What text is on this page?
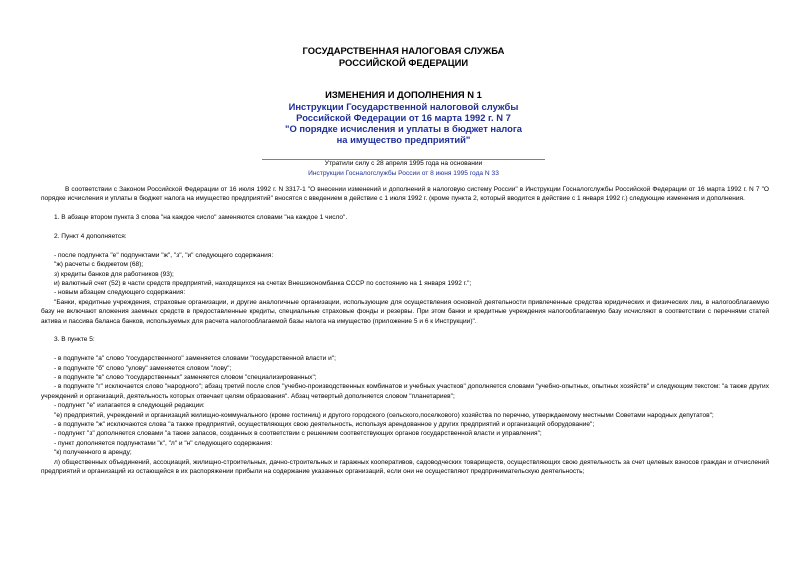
ГОСУДАРСТВЕННАЯ НАЛОГОВАЯ СЛУЖБА
РОССИЙСКОЙ ФЕДЕРАЦИИ
ИЗМЕНЕНИЯ И ДОПОЛНЕНИЯ N 1
Инструкции Государственной налоговой службы
Российской Федерации от 16 марта 1992 г. N 7
"О порядке исчисления и уплаты в бюджет налога
на имущество предприятий"
Утратили силу с 28 апреля 1995 года на основании
Инструкции Госналогслужбы России от 8 июня 1995 года N 33

В соответствии с Законом Российской Федерации от 16 июля 1992 г. N 3317-1 "О внесении изменений и дополнений в налоговую систему России" в Инструкции Госналогслужбы Российской Федерации от 16 марта 1992 г. N 7 "О порядке исчисления и уплаты в бюджет налога на имущество предприятий" вносятся с введением в действие с 1 июля 1992 г. (кроме пункта 2, который вводится в действие с 1 января 1992 г.) следующие изменения и дополнения.

1. В абзаце втором пункта 3 слова "на каждое число" заменяются словами "на каждое 1 число".

2. Пункт 4 дополняется:

- после подпункта "е" подпунктами "ж", "з", "и" следующего содержания:

"ж) расчеты с бюджетом (68);

з) кредиты банков для работников (93);

и) валютный счет (52) в части средств предприятий, находящихся на счетах Внешэкономбанка СССР по состоянию на 1 января 1992 г.";

- новым абзацем следующего содержания:

"Банки, кредитные учреждения, страховые организации, и другие аналогичные организации, использующие для осуществления основной деятельности привлеченные средства юридических и физических лиц, в налогооблагаемую базу не включают вложения заемных средств в предоставленные кредиты, специальные страховые фонды и резервы. При этом банки и кредитные учреждения налогооблагаемую базу исчисляют в соответствии с перечнями статей актива и пассива баланса банков, используемых для расчета налогооблагаемой базы налога на имущество (приложение 5 и 6 к Инструкции)".

3. В пункте 5:

- в подпункте "а" слово "государственного" заменяется словами "государственной власти и";

- в подпункте "б" слово "улову" заменяется словом "лову";

- в подпункте "в" слово "государственных" заменяется словом "специализированных";

- в подпункте "г" исключается слово "народного"; абзац третий после слов "учебно-производственных комбинатов и учебных участков" дополняется словами "учебно-опытных, опытных хозяйств" и следующим текстом: "а также других учреждений и организаций, деятельность которых отвечает целям образования". Абзац четвертый дополняется словом "планетариев";

- подпункт "е" излагается в следующей редакции:

"е) предприятий, учреждений и организаций жилищно-коммунального (кроме гостиниц) и другого городского (сельского,поселкового) хозяйства по перечню, утверждаемому местными Советами народных депутатов";

- в подпункте "ж" исключаются слова "а также предприятий, осуществляющих свою деятельность, используя арендованное у других предприятий и организаций оборудование";

- подпункт "з" дополняется словами "а также запасов, созданных в соответствии с решением соответствующих органов государственной власти и управления";

- пункт дополняется подпунктами "к", "л" и "н" следующего содержания:

"к) полученного в аренду;

л) общественных объединений, ассоциаций, жилищно-строительных, дачно-строительных и гаражных кооперативов, садоводческих товариществ, осуществляющих свою деятельность за счет целевых взносов граждан и отчислений предприятий и организаций из остающейся в их распоряжении прибыли на содержание указанных организаций, если они не осуществляют предпринимательскую деятельность;
